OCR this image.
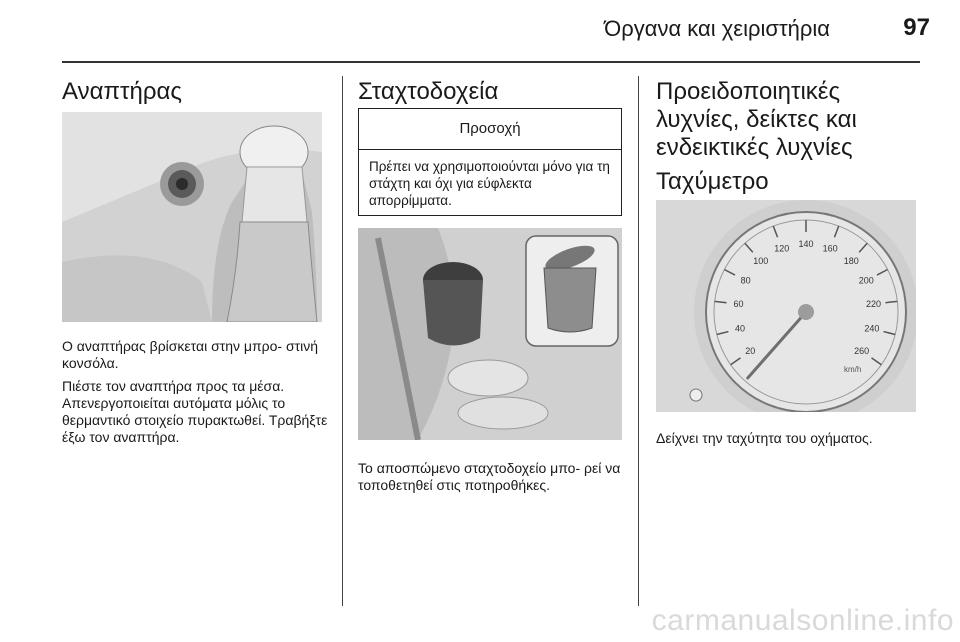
Όργανα και χειριστήρια	97
Αναπτήρας

Ο αναπτήρας βρίσκεται στην μπρο- στινή κονσόλα.

Πιέστε τον αναπτήρα προς τα μέσα. Απενεργοποιείται αυτόματα μόλις το θερμαντικό στοιχείο πυρακτωθεί. Τραβήξτε έξω τον αναπτήρα.

Σταχτοδοχεία
Προσοχή
Πρέπει να χρησιμοποιούνται μόνο για τη στάχτη και όχι για εύφλεκτα απορρίμματα.

Το αποσπώμενο σταχτοδοχείο μπο- ρεί να τοποθετηθεί στις ποτηροθήκες.

Προειδοποιητικές λυχνίες, δείκτες και ενδεικτικές λυχνίες
Ταχύμετρο
20
40
60
80
100
120 140 160
180
200
220
240
260
km/h

Δείχνει την ταχύτητα του οχήματος.

carmanualsonline.info
